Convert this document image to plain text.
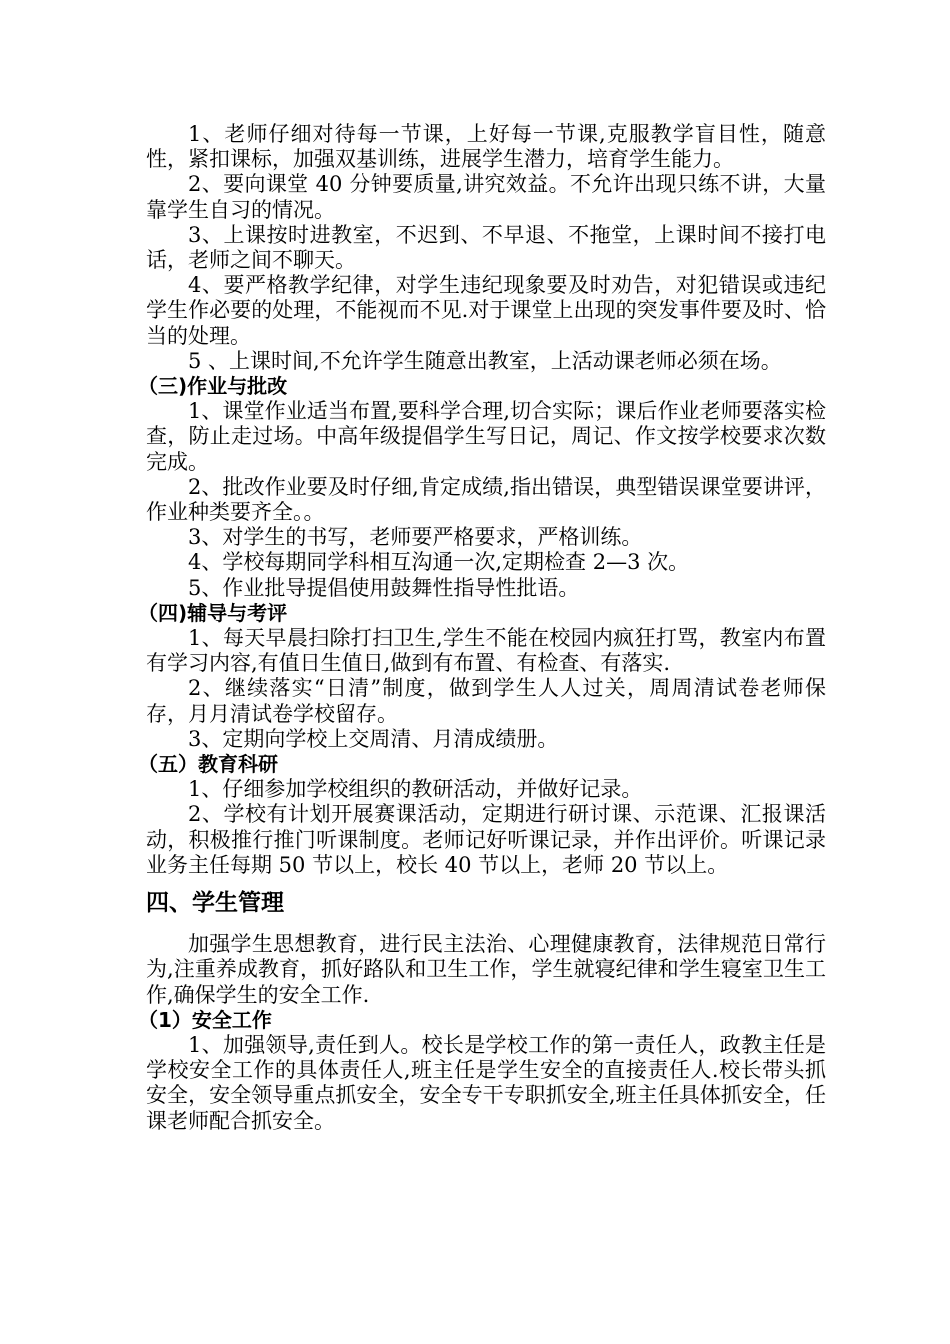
1、老师仔细对待每一节课，上好每一节课,克服教学盲目性，随意性，紧扣课标，加强双基训练，进展学生潜力，培育学生能力。

2、要向课堂 40 分钟要质量,讲究效益。不允许出现只练不讲，大量靠学生自习的情况。

3、上课按时进教室，不迟到、不早退、不拖堂，上课时间不接打电话，老师之间不聊天。

4、要严格教学纪律，对学生违纪现象要及时劝告，对犯错误或违纪学生作必要的处理，不能视而不见.对于课堂上出现的突发事件要及时、恰当的处理。

5 、上课时间,不允许学生随意出教室，上活动课老师必须在场。

（三)作业与批改

1、课堂作业适当布置,要科学合理,切合实际；课后作业老师要落实检查，防止走过场。中高年级提倡学生写日记，周记、作文按学校要求次数完成。

2、批改作业要及时仔细,肯定成绩,指出错误，典型错误课堂要讲评，作业种类要齐全。。

3、对学生的书写，老师要严格要求，严格训练。

4、学校每期同学科相互沟通一次,定期检查 2—3 次。

5、作业批导提倡使用鼓舞性指导性批语。

（四)辅导与考评

1、每天早晨扫除打扫卫生,学生不能在校园内疯狂打骂，教室内布置有学习内容,有值日生值日,做到有布置、有检查、有落实.

2、继续落实“日清”制度，做到学生人人过关，周周清试卷老师保存，月月清试卷学校留存。

3、定期向学校上交周清、月清成绩册。

（五）教育科研

1、仔细参加学校组织的教研活动，并做好记录。

2、学校有计划开展赛课活动，定期进行研讨课、示范课、汇报课活动，积极推行推门听课制度。老师记好听课记录，并作出评价。听课记录业务主任每期 50 节以上，校长 40 节以上，老师 20 节以上。

四、学生管理

加强学生思想教育，进行民主法治、心理健康教育，法律规范日常行为,注重养成教育，抓好路队和卫生工作，学生就寝纪律和学生寝室卫生工作,确保学生的安全工作.

（1）安全工作

1、加强领导,责任到人。校长是学校工作的第一责任人，政教主任是学校安全工作的具体责任人,班主任是学生安全的直接责任人.校长带头抓安全，安全领导重点抓安全，安全专干专职抓安全,班主任具体抓安全，任课老师配合抓安全。
